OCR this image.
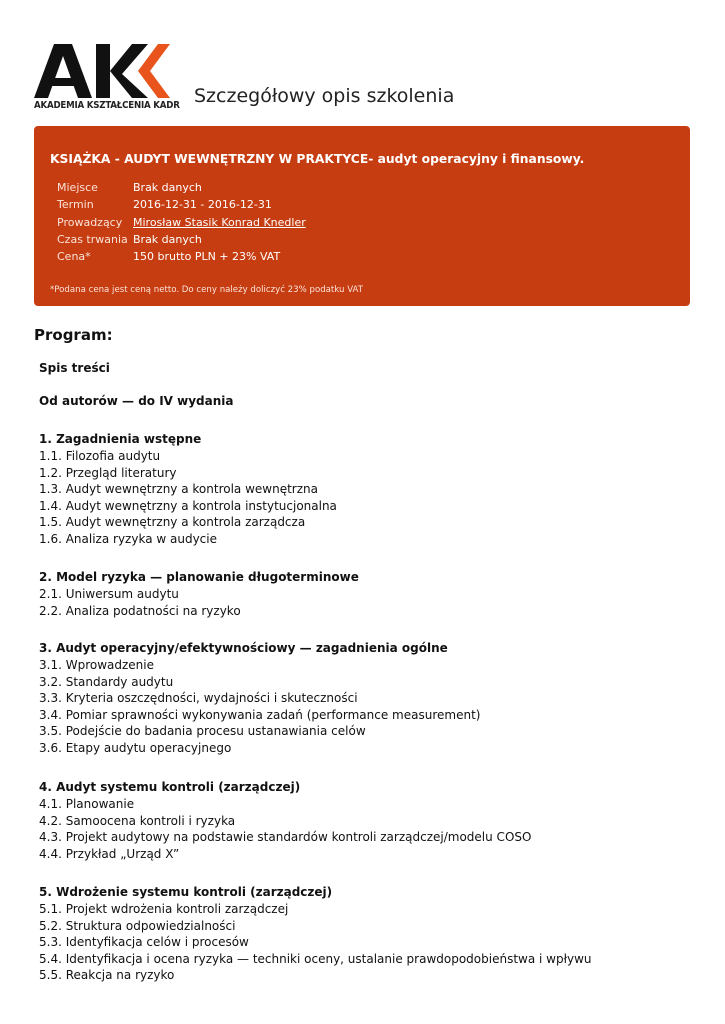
AKADEMIA KSZTAŁCENIA KADR Szczegółowy opis szkolenia
KSIĄŻKA - AUDYT WEWNĘTRZNY W PRAKTYCE- audyt operacyjny i finansowy.
Miejsce	Brak danych
Termin	2016-12-31 - 2016-12-31
Prowadzący	Mirosław Stasik Konrad Knedler
Czas trwania	Brak danych
Cena*	150 brutto PLN + 23% VAT
*Podana cena jest ceną netto. Do ceny należy doliczyć 23% podatku VAT
Program:
Spis treści
Od autorów — do IV wydania
1. Zagadnienia wstępne
1.1. Filozofia audytu
1.2. Przegląd literatury
1.3. Audyt wewnętrzny a kontrola wewnętrzna
1.4. Audyt wewnętrzny a kontrola instytucjonalna
1.5. Audyt wewnętrzny a kontrola zarządcza
1.6. Analiza ryzyka w audycie
2. Model ryzyka — planowanie długoterminowe
2.1. Uniwersum audytu
2.2. Analiza podatności na ryzyko
3. Audyt operacyjny/efektywnościowy — zagadnienia ogólne
3.1. Wprowadzenie
3.2. Standardy audytu
3.3. Kryteria oszczędności, wydajności i skuteczności
3.4. Pomiar sprawności wykonywania zadań (performance measurement)
3.5. Podejście do badania procesu ustanawiania celów
3.6. Etapy audytu operacyjnego
4. Audyt systemu kontroli (zarządczej)
4.1. Planowanie
4.2. Samoocena kontroli i ryzyka
4.3. Projekt audytowy na podstawie standardów kontroli zarządczej/modelu COSO
4.4. Przykład „Urząd X”
5. Wdrożenie systemu kontroli (zarządczej)
5.1. Projekt wdrożenia kontroli zarządczej
5.2. Struktura odpowiedzialności
5.3. Identyfikacja celów i procesów
5.4. Identyfikacja i ocena ryzyka — techniki oceny, ustalanie prawdopodobieństwa i wpływu
5.5. Reakcja na ryzyko
